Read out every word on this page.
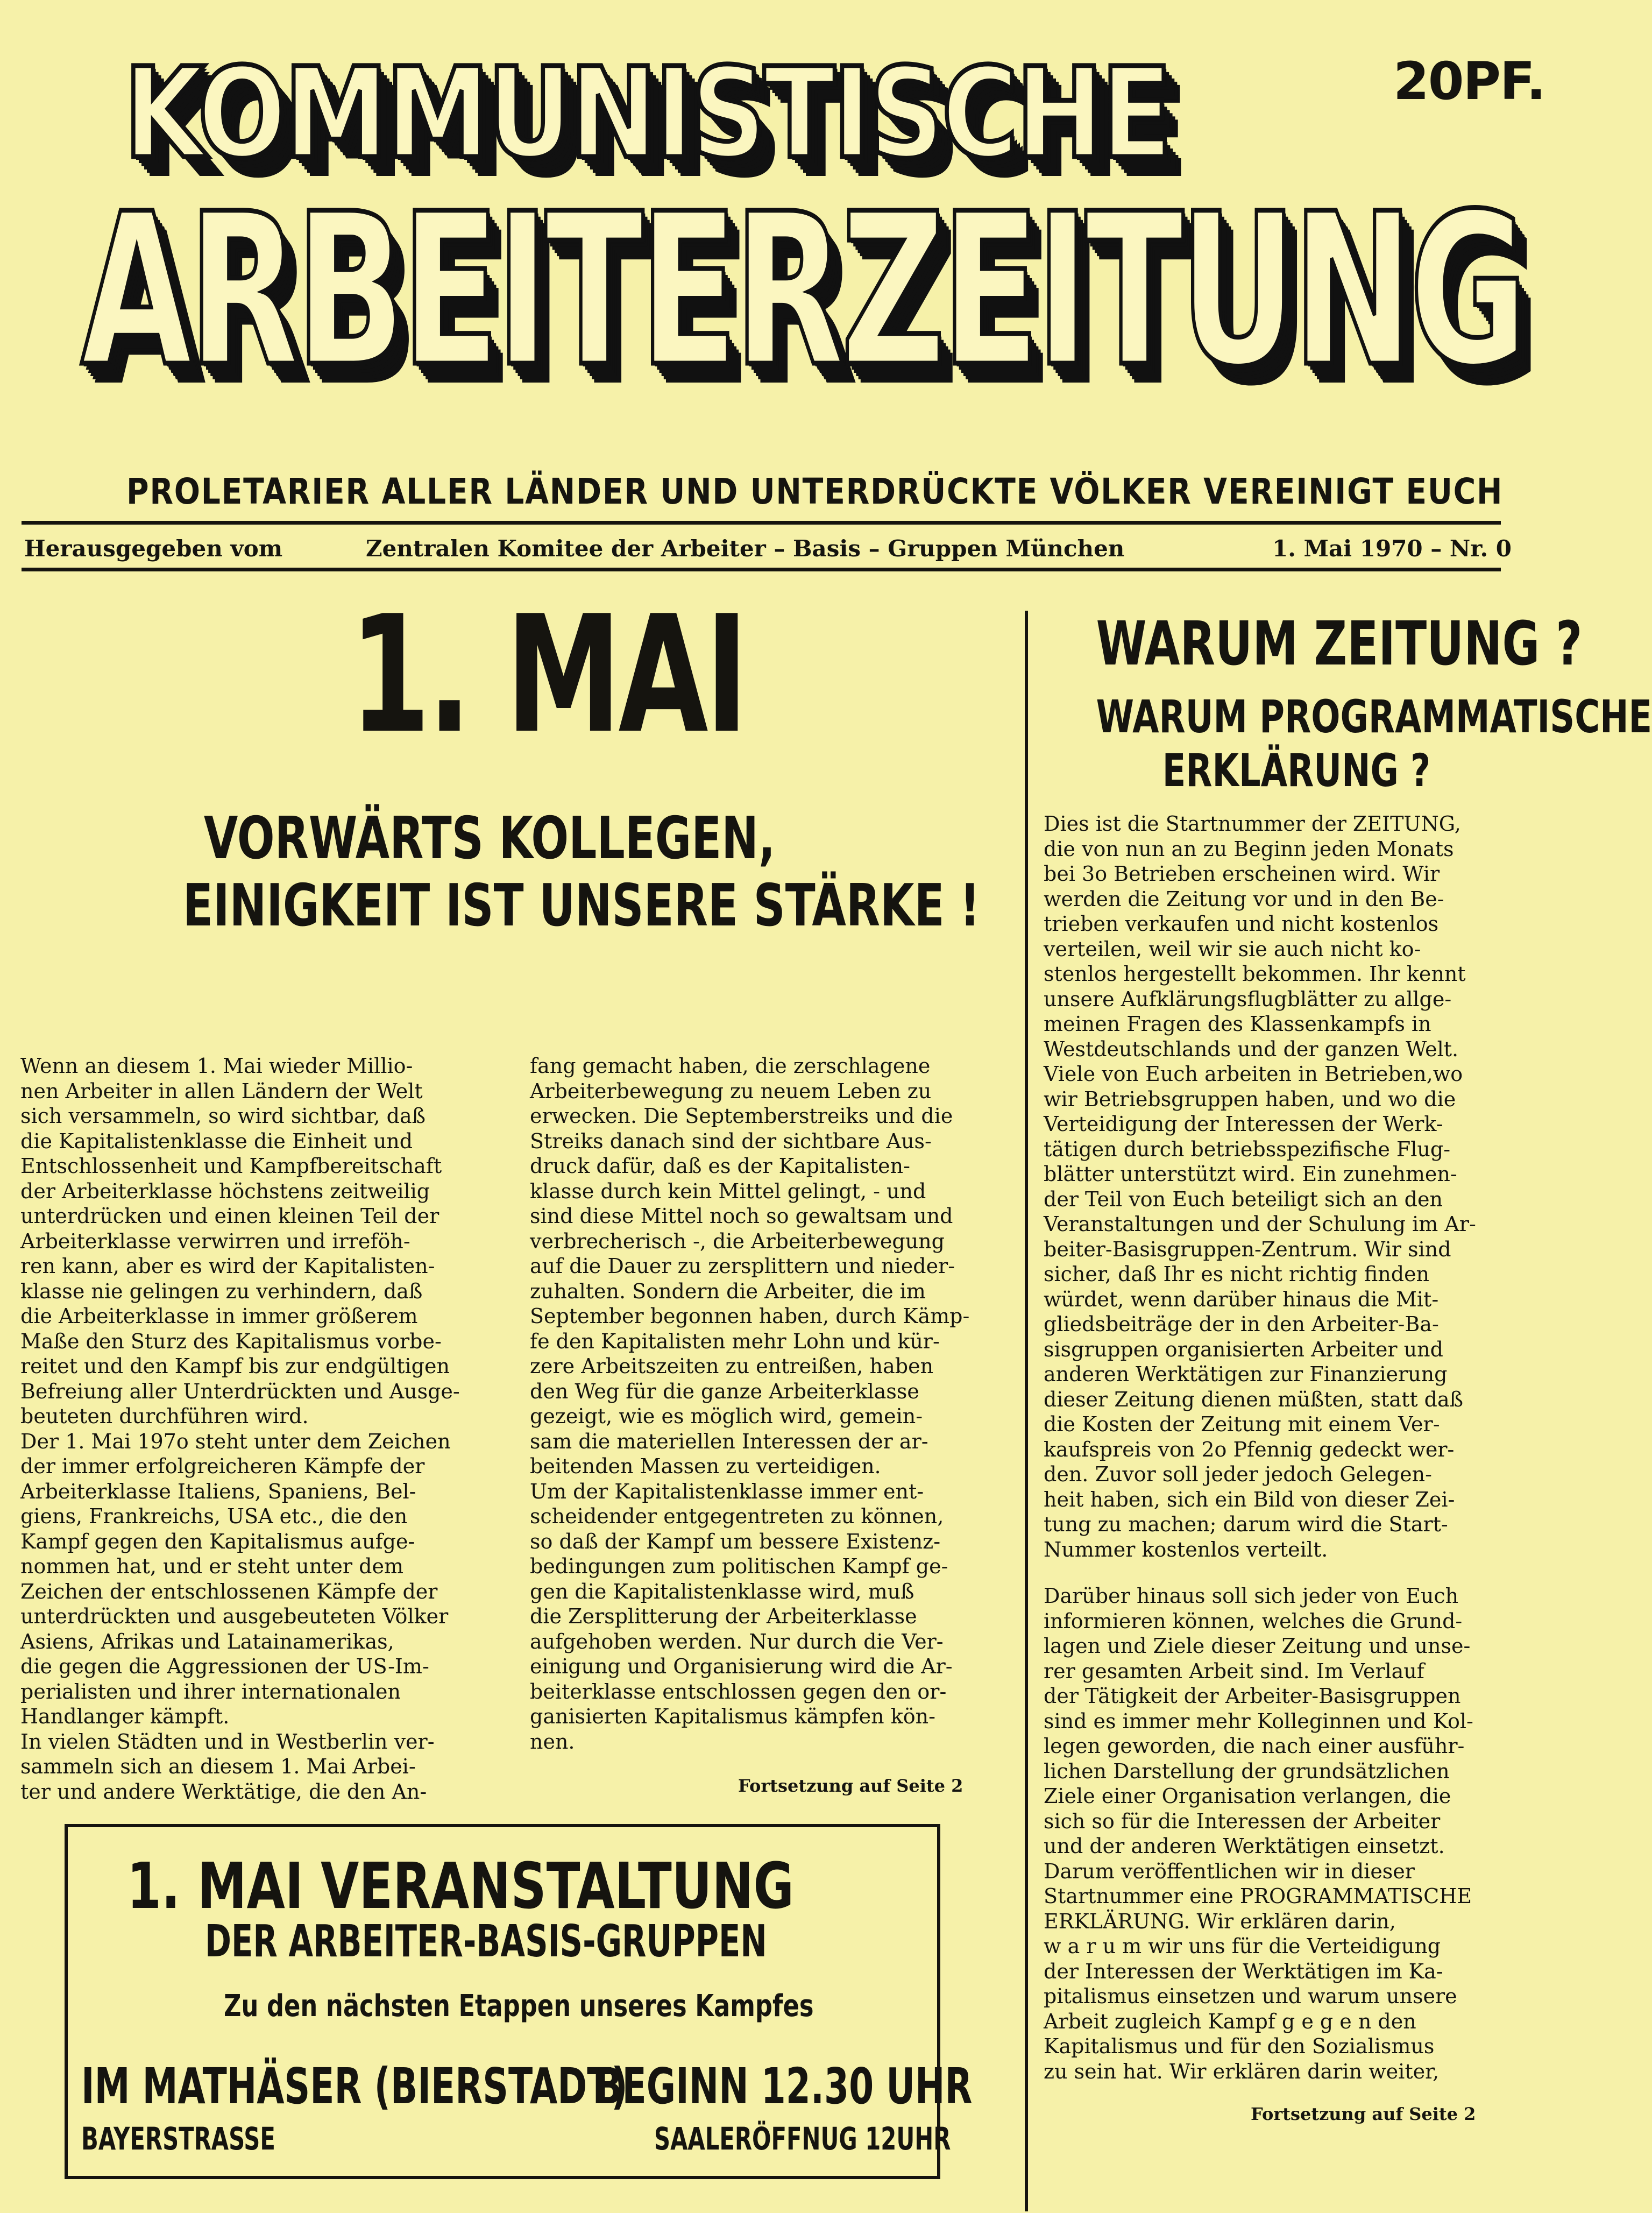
KOMMUNISTISCHE	20PF.
ARBEITERZEITUNG
PROLETARIER ALLER LÄNDER UND UNTERDRÜCKTE VÖLKER VEREINIGT EUCH
Herausgegeben vom	Zentralen Komitee der Arbeiter – Basis – Gruppen München	1. Mai 1970 – Nr. 0
1. MAI
VORWÄRTS KOLLEGEN,
EINIGKEIT IST UNSERE STÄRKE !
Wenn an diesem 1. Mai wieder Millio-
nen Arbeiter in allen Ländern der Welt
sich versammeln, so wird sichtbar, daß
die Kapitalistenklasse die Einheit und
Entschlossenheit und Kampfbereitschaft
der Arbeiterklasse höchstens zeitweilig
unterdrücken und einen kleinen Teil der
Arbeiterklasse verwirren und irreföh-
ren kann, aber es wird der Kapitalisten-
klasse nie gelingen zu verhindern, daß
die Arbeiterklasse in immer größerem
Maße den Sturz des Kapitalismus vorbe-
reitet und den Kampf bis zur endgültigen
Befreiung aller Unterdrückten und Ausge-
beuteten durchführen wird.
Der 1. Mai 197o steht unter dem Zeichen
der immer erfolgreicheren Kämpfe der
Arbeiterklasse Italiens, Spaniens, Bel-
giens, Frankreichs, USA etc., die den
Kampf gegen den Kapitalismus aufge-
nommen hat, und er steht unter dem
Zeichen der entschlossenen Kämpfe der
unterdrückten und ausgebeuteten Völker
Asiens, Afrikas und Latainamerikas,
die gegen die Aggressionen der US-Im-
perialisten und ihrer internationalen
Handlanger kämpft.
In vielen Städten und in Westberlin ver-
sammeln sich an diesem 1. Mai Arbei-
ter und andere Werktätige, die den An-
fang gemacht haben, die zerschlagene
Arbeiterbewegung zu neuem Leben zu
erwecken. Die Septemberstreiks und die
Streiks danach sind der sichtbare Aus-
druck dafür, daß es der Kapitalisten-
klasse durch kein Mittel gelingt, - und
sind diese Mittel noch so gewaltsam und
verbrecherisch -, die Arbeiterbewegung
auf die Dauer zu zersplittern und nieder-
zuhalten. Sondern die Arbeiter, die im
September begonnen haben, durch Kämp-
fe den Kapitalisten mehr Lohn und kür-
zere Arbeitszeiten zu entreißen, haben
den Weg für die ganze Arbeiterklasse
gezeigt, wie es möglich wird, gemein-
sam die materiellen Interessen der ar-
beitenden Massen zu verteidigen.
Um der Kapitalistenklasse immer ent-
scheidender entgegentreten zu können,
so daß der Kampf um bessere Existenz-
bedingungen zum politischen Kampf ge-
gen die Kapitalistenklasse wird, muß
die Zersplitterung der Arbeiterklasse
aufgehoben werden. Nur durch die Ver-
einigung und Organisierung wird die Ar-
beiterklasse entschlossen gegen den or-
ganisierten Kapitalismus kämpfen kön-
nen.
Fortsetzung auf Seite 2
1. MAI VERANSTALTUNG
DER ARBEITER-BASIS-GRUPPEN
Zu den nächsten Etappen unseres Kampfes
IM MATHÄSER (BIERSTADT)
BEGINN 12.30 UHR
BAYERSTRASSE	SAALERÖFFNUG 12UHR
WARUM ZEITUNG ?
WARUM PROGRAMMATISCHE
ERKLÄRUNG ?
Dies ist die Startnummer der ZEITUNG,
die von nun an zu Beginn jeden Monats
bei 3o Betrieben erscheinen wird. Wir
werden die Zeitung vor und in den Be-
trieben verkaufen und nicht kostenlos
verteilen, weil wir sie auch nicht ko-
stenlos hergestellt bekommen. Ihr kennt
unsere Aufklärungsflugblätter zu allge-
meinen Fragen des Klassenkampfs in
Westdeutschlands und der ganzen Welt.
Viele von Euch arbeiten in Betrieben,wo
wir Betriebsgruppen haben, und wo die
Verteidigung der Interessen der Werk-
tätigen durch betriebsspezifische Flug-
blätter unterstützt wird. Ein zunehmen-
der Teil von Euch beteiligt sich an den
Veranstaltungen und der Schulung im Ar-
beiter-Basisgruppen-Zentrum. Wir sind
sicher, daß Ihr es nicht richtig finden
würdet, wenn darüber hinaus die Mit-
gliedsbeiträge der in den Arbeiter-Ba-
sisgruppen organisierten Arbeiter und
anderen Werktätigen zur Finanzierung
dieser Zeitung dienen müßten, statt daß
die Kosten der Zeitung mit einem Ver-
kaufspreis von 2o Pfennig gedeckt wer-
den. Zuvor soll jeder jedoch Gelegen-
heit haben, sich ein Bild von dieser Zei-
tung zu machen; darum wird die Start-
Nummer kostenlos verteilt.
Darüber hinaus soll sich jeder von Euch
informieren können, welches die Grund-
lagen und Ziele dieser Zeitung und unse-
rer gesamten Arbeit sind. Im Verlauf
der Tätigkeit der Arbeiter-Basisgruppen
sind es immer mehr Kolleginnen und Kol-
legen geworden, die nach einer ausführ-
lichen Darstellung der grundsätzlichen
Ziele einer Organisation verlangen, die
sich so für die Interessen der Arbeiter
und der anderen Werktätigen einsetzt.
Darum veröffentlichen wir in dieser
Startnummer eine PROGRAMMATISCHE
ERKLÄRUNG. Wir erklären darin,
w a r u m wir uns für die Verteidigung
der Interessen der Werktätigen im Ka-
pitalismus einsetzen und warum unsere
Arbeit zugleich Kampf g e g e n den
Kapitalismus und für den Sozialismus
zu sein hat. Wir erklären darin weiter,
Fortsetzung auf Seite 2
